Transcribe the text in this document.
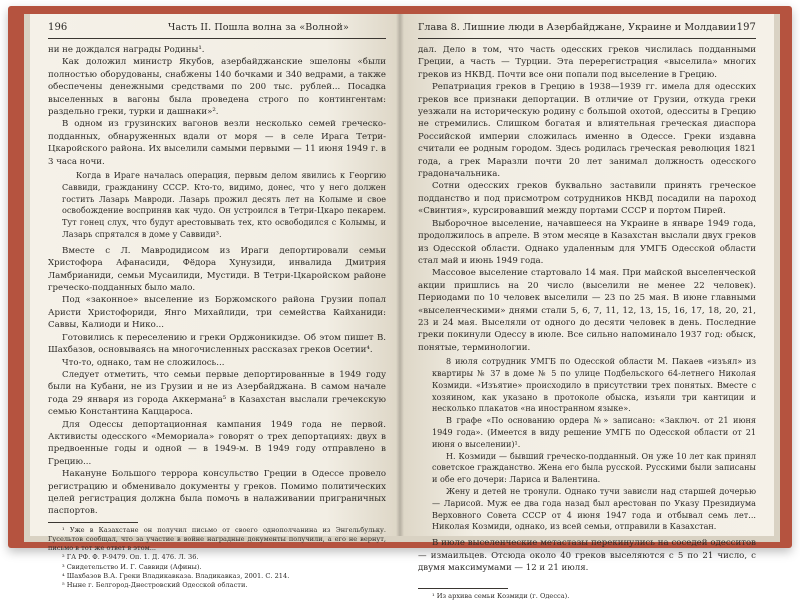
196	Часть II. Пошла волна за «Волной»

ни не дождался награды Родины¹.

Как доложил министр Якубов, азербайджанские эшелоны «были полностью оборудованы, снабжены 140 бочками и 340 ведрами, а также обеспечены денежными средствами по 200 тыс. рублей... Посадка выселенных в вагоны была проведена строго по контингентам: раздельно греки, турки и дашнаки»².

В одном из грузинских вагонов везли несколько семей греческо-подданных, обнаруженных вдали от моря — в селе Ирага Тетри-Цкаройского района. Их выселили самыми первыми — 11 июня 1949 г. в 3 часа ночи.

Когда в Ираге началась операция, первым делом явились к Георгию Саввиди, гражданину СССР. Кто-то, видимо, донес, что у него должен гостить Лазарь Мавроди. Лазарь прожил десять лет на Колыме и свое освобождение восприняв как чудо. Он устроился в Тетри-Цкаро пекарем. Тут гонец слух, что будут арестовывать тех, кто освободился с Колымы, и Лазарь спрятался в доме у Саввиди³.

Вместе с Л. Мавродидисом из Ираги депортировали семьи Христофора Афанасиди, Фёдора Хунузиди, инвалида Дмитрия Ламбрианиди, семьи Мусаилиди, Мустиди. В Тетри-Цкаройском районе греческо-подданных было мало.

Под «законное» выселение из Боржомского района Грузии попал Аристи Христофориди, Янго Михайлиди, три семейства Кайханиди: Саввы, Калиоди и Нико...

Готовились к переселению и греки Орджоникидзе. Об этом пишет В. Шахбазов, основываясь на многочисленных рассказах греков Осетии⁴.

Что-то, однако, там не сложилось...

Следует отметить, что семьи первые депортированные в 1949 году были на Кубани, не из Грузии и не из Азербайджана. В самом начале года 29 января из города Аккермана⁵ в Казахстан выслали гречекскую семью Константина Каццароса.

Для Одессы депортационная кампания 1949 года не первой. Активисты одесского «Мемориала» говорят о трех депортациях: двух в предвоенные годы и одной — в 1949-м. В 1949 году отправлено в Грецию...

Накануне Большого террора консульство Греции в Одессе провело регистрацию и обменивало документы у греков. Помимо политических целей регистрация должна была помочь в налаживании приграничных паспортов.

¹ Уже в Казахстане он получил письмо от своего однополчанина из Энгельбульку. Гусельтов сообщал, что за участие в войне наградные документы получили, а его не вернут, письмо в тот же ответ в этом...

² ГА РФ. Ф. Р-9479. Оп. 1. Д. 476. Л. 36.

³ Свидетельство И. Г. Саввиди (Афины).

⁴ Шахбазов В.А. Греки Владикавказа. Владикавказ, 2001. С. 214.

⁵ Ныне г. Белгород-Днестровский Одесской области.

Глава 8. Лишние люди в Азербайджане, Украине и Молдавии 197

дал. Дело в том, что часть одесских греков числилась подданными Греции, а часть — Турции. Эта перерегистрация «выселила» многих греков из НКВД. Почти все они попали под выселение в Грецию.

Репатриация греков в Грецию в 1938—1939 гг. имела для одесских греков все признаки депортации. В отличие от Грузии, откуда греки уезжали на историческую родину с большой охотой, одесситы в Грецию не стремились. Слишком богатая и влиятельная греческая диаспора Российской империи сложилась именно в Одессе. Греки издавна считали ее родным городом. Здесь родилась греческая революция 1821 года, а грек Маразли почти 20 лет занимал должность одесского градоначальника.

Сотни одесских греков буквально заставили принять греческое подданство и под присмотром сотрудников НКВД посадили на пароход «Свинтия», курсировавший между портами СССР и портом Пирей.

Выборочное выселение, начавшееся на Украине в январе 1949 года, продолжилось в апреле. В этом месяце в Казахстан выслали двух греков из Одесской области. Однако удаленным для УМГБ Одесской области стал май и июнь 1949 года.

Массовое выселение стартовало 14 мая. При майской выселенческой акции пришлись на 20 число (выселили не менее 22 человек). Периодами по 10 человек выселили — 23 по 25 мая. В июне главными «выселенческими» днями стали 5, 6, 7, 11, 12, 13, 15, 16, 17, 18, 20, 21, 23 и 24 мая. Выселяли от одного до десяти человек в день. Последние греки покинули Одессу в июле. Все сильно напоминало 1937 год: обыск, понятые, терминологии.

8 июля сотрудник УМГБ по Одесской области М. Пакаев «изъял» из квартиры № 37 в доме № 5 по улице Подбельского 64-летнего Николая Козмиди. «Изъятие» происходило в присутствии трех понятых. Вместе с хозяином, как указано в протоколе обыска, изъяли три кантиции и несколько плакатов «на иностранном языке».

В графе «По основанию ордера №» записано: «Заключ. от 21 июня 1949 года». (Имеется в виду решение УМГБ по Одесской области от 21 июня о выселении)¹.

Н. Козмиди — бывший греческо-подданный. Он уже 10 лет как принял советское гражданство. Жена его была русской. Русскими были записаны и обе его дочери: Лариса и Валентина.

Жену и детей не тронули. Однако тучи зависли над старшей дочерью — Ларисой. Муж ее два года назад был арестован по Указу Президиума Верховного Совета СССР от 4 июня 1947 года и отбывал семь лет... Николая Козмиди, однако, из всей семьи, отправили в Казахстан.

В июле выселенческие метастазы перекинулись на соседей одесситов — измаильцев. Отсюда около 40 греков выселяются с 5 по 21 число, с двумя максимумами — 12 и 21 июля.

¹ Из архива семьи Козмиди (г. Одесса).
